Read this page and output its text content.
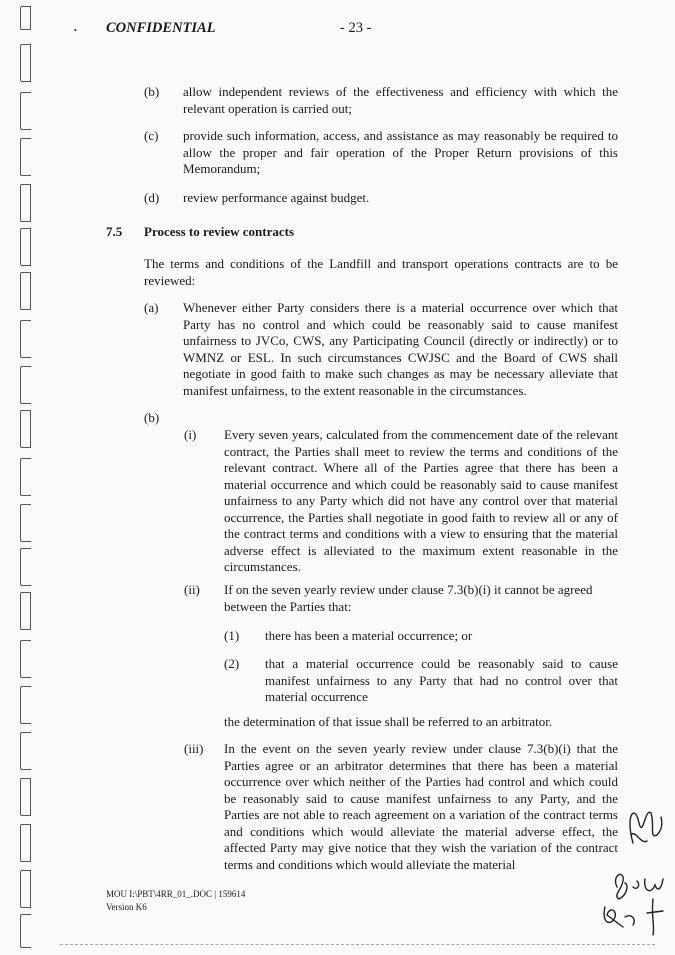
• CONFIDENTIAL	- 23 -
(b) allow independent reviews of the effectiveness and efficiency with which the relevant operation is carried out;
(c) provide such information, access, and assistance as may reasonably be required to allow the proper and fair operation of the Proper Return provisions of this Memorandum;
(d) review performance against budget.
7.5 Process to review contracts
The terms and conditions of the Landfill and transport operations contracts are to be reviewed:
(a) Whenever either Party considers there is a material occurrence over which that Party has no control and which could be reasonably said to cause manifest unfairness to JVCo, CWS, any Participating Council (directly or indirectly) or to WMNZ or ESL. In such circumstances CWJSC and the Board of CWS shall negotiate in good faith to make such changes as may be necessary alleviate that manifest unfairness, to the extent reasonable in the circumstances.
(b)
(i) Every seven years, calculated from the commencement date of the relevant contract, the Parties shall meet to review the terms and conditions of the relevant contract. Where all of the Parties agree that there has been a material occurrence and which could be reasonably said to cause manifest unfairness to any Party which did not have any control over that material occurrence, the Parties shall negotiate in good faith to review all or any of the contract terms and conditions with a view to ensuring that the material adverse effect is alleviated to the maximum extent reasonable in the circumstances.
(ii) If on the seven yearly review under clause 7.3(b)(i) it cannot be agreed between the Parties that:
(1) there has been a material occurrence; or
(2) that a material occurrence could be reasonably said to cause manifest unfairness to any Party that had no control over that material occurrence
the determination of that issue shall be referred to an arbitrator.
(iii) In the event on the seven yearly review under clause 7.3(b)(i) that the Parties agree or an arbitrator determines that there has been a material occurrence over which neither of the Parties had control and which could be reasonably said to cause manifest unfairness to any Party, and the Parties are not able to reach agreement on a variation of the contract terms and conditions which would alleviate the material adverse effect, the affected Party may give notice that they wish the variation of the contract terms and conditions which would alleviate the material
MOU I:\PBT\4RR_01_.DOC | 159614
Version K6
